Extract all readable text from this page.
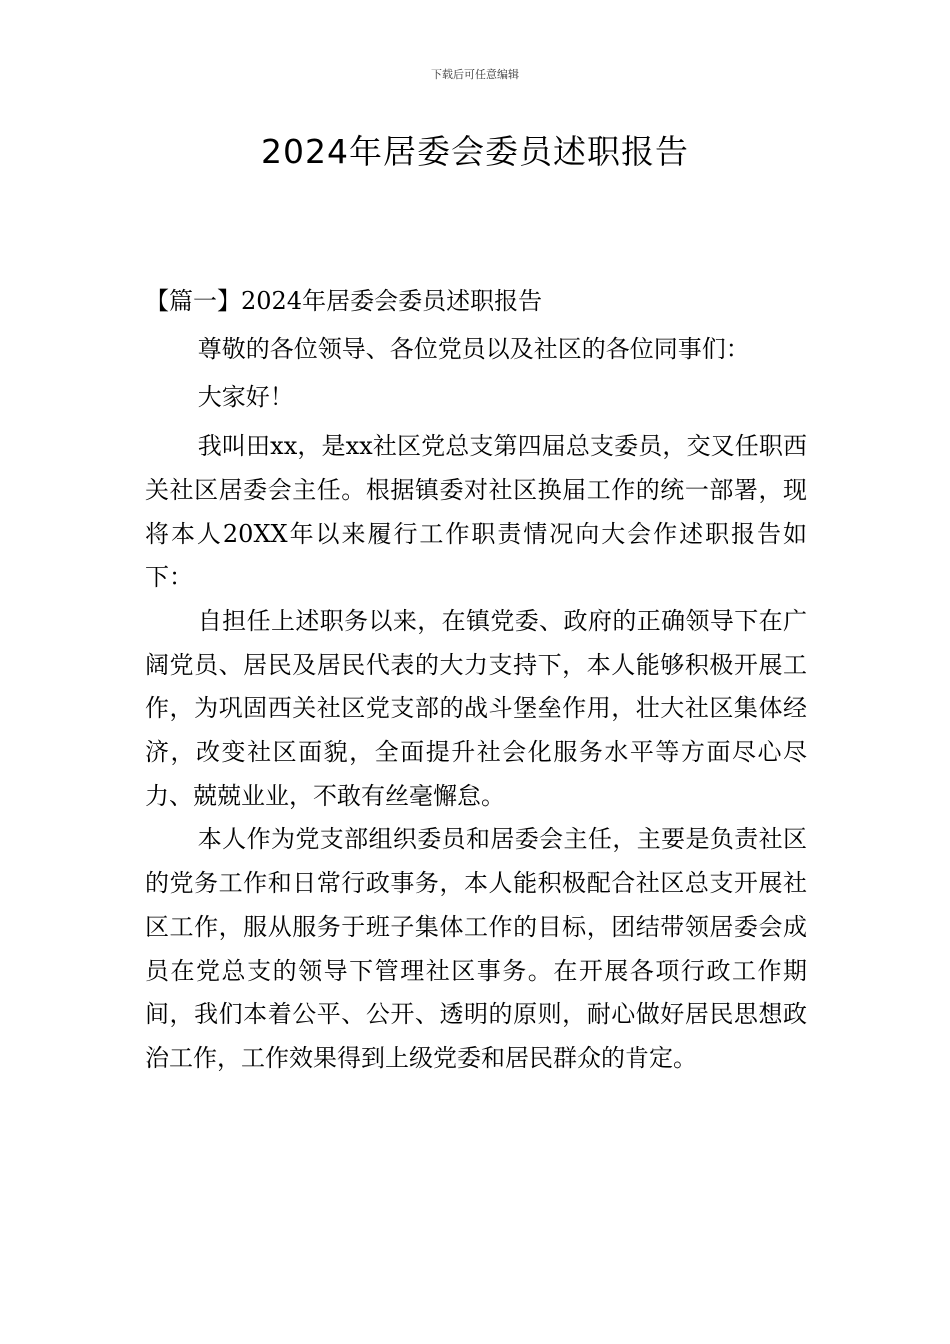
下载后可任意编辑
2024年居委会委员述职报告

【篇一】2024年居委会委员述职报告

尊敬的各位领导、各位党员以及社区的各位同事们：

大家好！

我叫田xx，是xx社区党总支第四届总支委员，交叉任职西关社区居委会主任。根据镇委对社区换届工作的统一部署，现将本人20XX年以来履行工作职责情况向大会作述职报告如下：

自担任上述职务以来，在镇党委、政府的正确领导下在广阔党员、居民及居民代表的大力支持下，本人能够积极开展工作，为巩固西关社区党支部的战斗堡垒作用，壮大社区集体经济，改变社区面貌，全面提升社会化服务水平等方面尽心尽力、兢兢业业，不敢有丝毫懈怠。

本人作为党支部组织委员和居委会主任，主要是负责社区的党务工作和日常行政事务，本人能积极配合社区总支开展社区工作，服从服务于班子集体工作的目标，团结带领居委会成员在党总支的领导下管理社区事务。在开展各项行政工作期间，我们本着公平、公开、透明的原则，耐心做好居民思想政治工作，工作效果得到上级党委和居民群众的肯定。
